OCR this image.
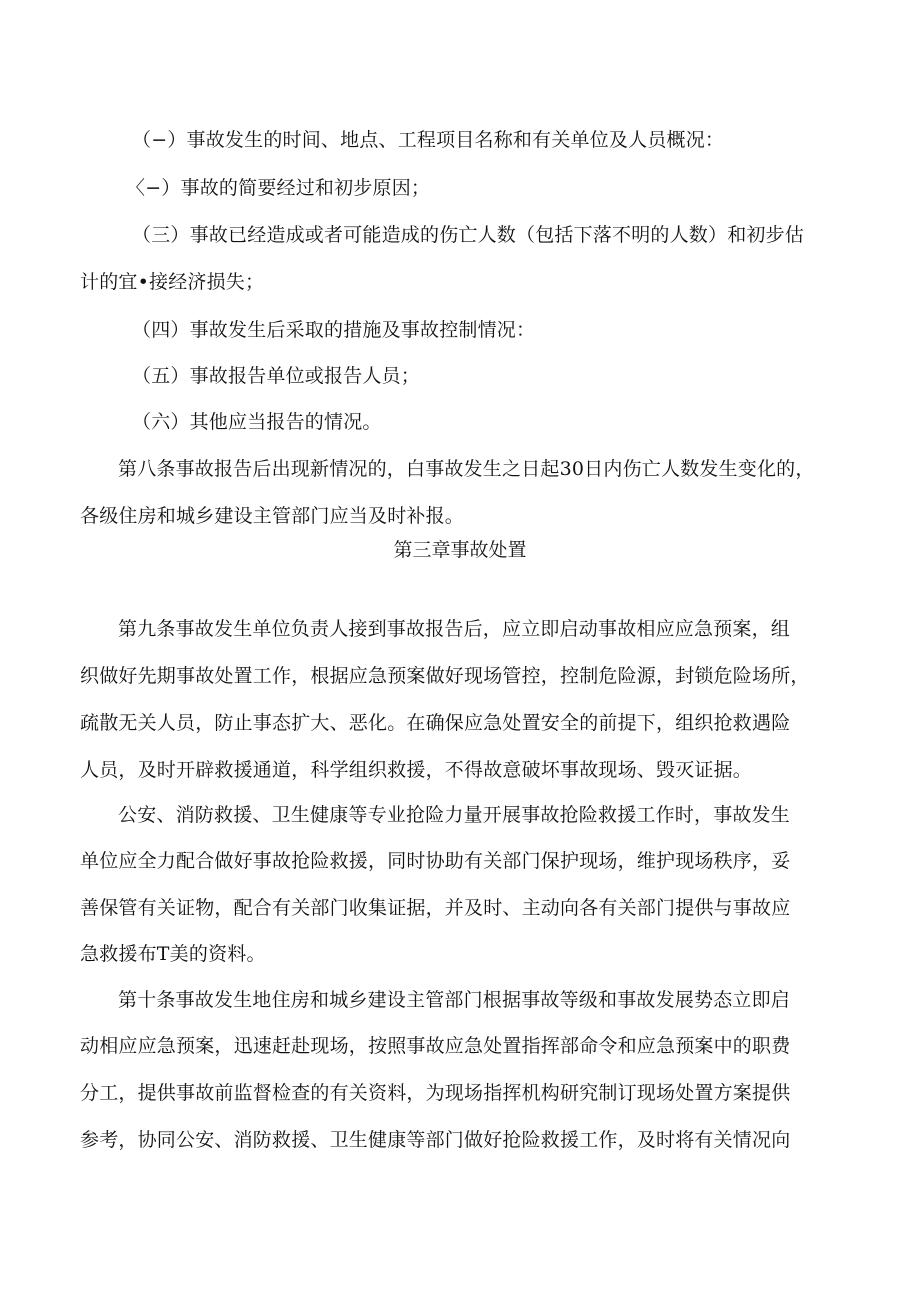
（−）事故发生的时间、地点、工程项目名称和有关单位及人员概况：
〈−）事故的简要经过和初步原因；
（三）事故已经造成或者可能造成的伤亡人数（包括下落不明的人数）和初步估
计的宜•接经济损失；
（四）事故发生后采取的措施及事故控制情况：
（五）事故报告单位或报告人员；
（六）其他应当报告的情况。
第八条事故报告后出现新情况的，白事故发生之日起30日内伤亡人数发生变化的，
各级住房和城乡建设主管部门应当及时补报。
第三章事故处置
第九条事故发生单位负责人接到事故报告后，应立即启动事故相应应急预案，组
织做好先期事故处置工作，根据应急预案做好现场管控，控制危险源，封锁危险场所，
疏散无关人员，防止事态扩大、恶化。在确保应急处置安全的前提下，组织抢救遇险
人员，及时开辟救援通道，科学组织救援，不得故意破坏事故现场、毁灭证据。
公安、消防救援、卫生健康等专业抢险力量开展事故抢险救援工作时，事故发生
单位应全力配合做好事故抢险救援，同时协助有关部门保护现场，维护现场秩序，妥
善保管有关证物，配合有关部门收集证据，并及时、主动向各有关部门提供与事故应
急救援布T美的资料。
第十条事故发生地住房和城乡建设主管部门根据事故等级和事故发展势态立即启
动相应应急预案，迅速赶赴现场，按照事故应急处置指挥部命令和应急预案中的职费
分工，提供事故前监督检查的有关资料，为现场指挥机构研究制订现场处置方案提供
参考，协同公安、消防救援、卫生健康等部门做好抢险救援工作，及时将有关情况向
